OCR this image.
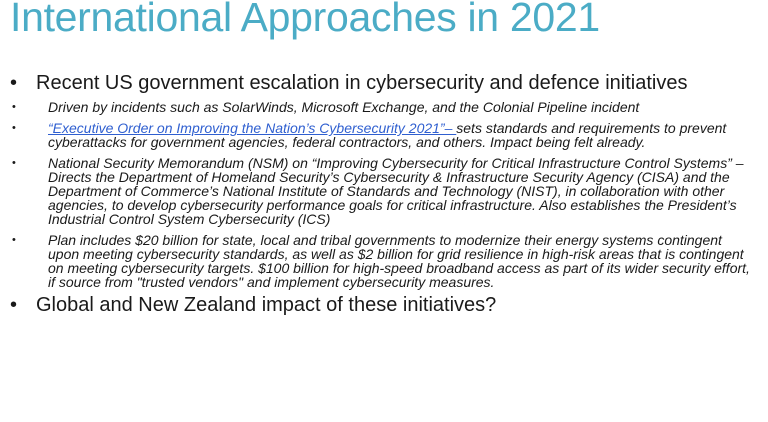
International Approaches in 2021
• Recent US government escalation in cybersecurity and defence initiatives
• Driven by incidents such as SolarWinds, Microsoft Exchange, and the Colonial Pipeline incident
• “Executive Order on Improving the Nation’s Cybersecurity 2021”– sets standards and requirements to prevent cyberattacks for government agencies, federal contractors, and others. Impact being felt already.
• National Security Memorandum (NSM) on “Improving Cybersecurity for Critical Infrastructure Control Systems” – Directs the Department of Homeland Security’s Cybersecurity & Infrastructure Security Agency (CISA) and the Department of Commerce’s National Institute of Standards and Technology (NIST), in collaboration with other agencies, to develop cybersecurity performance goals for critical infrastructure. Also establishes the President’s Industrial Control System Cybersecurity (ICS)
• Plan includes $20 billion for state, local and tribal governments to modernize their energy systems contingent upon meeting cybersecurity standards, as well as $2 billion for grid resilience in high-risk areas that is contingent on meeting cybersecurity targets. $100 billion for high-speed broadband access as part of its wider security effort, if source from "trusted vendors" and implement cybersecurity measures.
• Global and New Zealand impact of these initiatives?
